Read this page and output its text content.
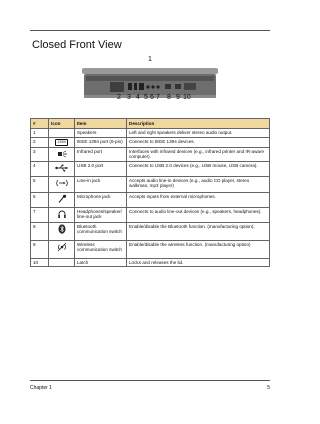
Closed Front View
1
2 3 4 5 6 7 8 9 10
#	Icon	Item	Description
1		Speakers	Left and right speakers deliver stereo audio output.
2	1394	IEEE 1394 port (6-pin)	Connects to IEEE 1394 devices.
3		Infrared port	Interfaces with infrared devices (e.g., infrared printer and IR-aware computer).
4		USB 2.0 port	Connects to USB 2.0 devices (e.g., USB mouse, USB camera).
5		Line-in jack	Accepts audio line-in devices (e.g., audio CD player, stereo walkman, mp3 player)
6		Microphone jack	Accepts inputs from external microphones.
7		Headphones/speaker/ line-out jack	Connects to audio line-out devices (e.g., speakers, headphones).
8		Bluetooth communication switch	Enable/disable the Bluetooth function. (manufacturing option).
9		Wireless communication switch	Enable/disable the wireless function. (manufacturing option)
10		Latch	Locks and releases the lid.
Chapter 1	5
